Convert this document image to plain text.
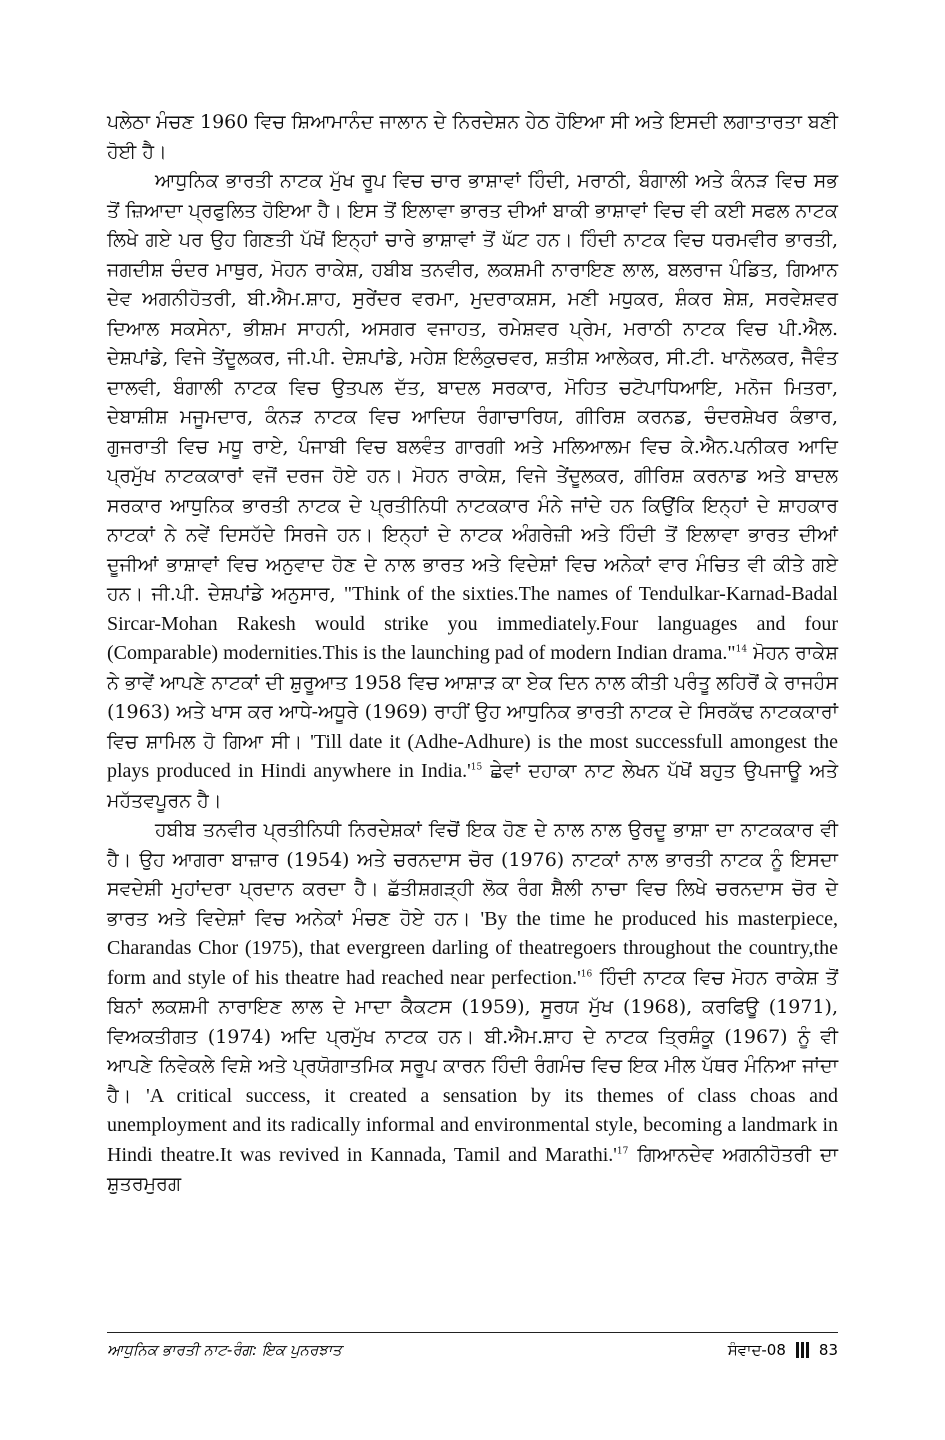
ਪਲੇਠਾ ਮੰਚਣ 1960 ਵਿਚ ਸ਼ਿਆਮਾਨੰਦ ਜਾਲਾਨ ਦੇ ਨਿਰਦੇਸ਼ਨ ਹੇਠ ਹੋਇਆ ਸੀ ਅਤੇ ਇਸਦੀ ਲਗਾਤਾਰਤਾ ਬਣੀ ਹੋਈ ਹੈ।

ਆਧੁਨਿਕ ਭਾਰਤੀ ਨਾਟਕ ਮੁੱਖ ਰੂਪ ਵਿਚ ਚਾਰ ਭਾਸ਼ਾਵਾਂ ਹਿੰਦੀ, ਮਰਾਠੀ, ਬੰਗਾਲੀ ਅਤੇ ਕੰਨੜ ਵਿਚ ਸਭ ਤੋਂ ਜ਼ਿਆਦਾ ਪ੍ਰਫੁਲਿਤ ਹੋਇਆ ਹੈ। ਇਸ ਤੋਂ ਇਲਾਵਾ ਭਾਰਤ ਦੀਆਂ ਬਾਕੀ ਭਾਸ਼ਾਵਾਂ ਵਿਚ ਵੀ ਕਈ ਸਫਲ ਨਾਟਕ ਲਿਖੇ ਗਏ ਪਰ ਉਹ ਗਿਣਤੀ ਪੱਖੋਂ ਇਨ੍ਹਾਂ ਚਾਰੇ ਭਾਸ਼ਾਵਾਂ ਤੋਂ ਘੱਟ ਹਨ। ਹਿੰਦੀ ਨਾਟਕ ਵਿਚ ਧਰਮਵੀਰ ਭਾਰਤੀ, ਜਗਦੀਸ਼ ਚੰਦਰ ਮਾਥੁਰ, ਮੋਹਨ ਰਾਕੇਸ਼, ਹਬੀਬ ਤਨਵੀਰ, ਲਕਸ਼ਮੀ ਨਾਰਾਇਣ ਲਾਲ, ਬਲਰਾਜ ਪੰਡਿਤ, ਗਿਆਨ ਦੇਵ ਅਗਨੀਹੋਤਰੀ, ਬੀ.ਐਮ.ਸ਼ਾਹ, ਸੁਰੇਂਦਰ ਵਰਮਾ, ਮੁਦਰਾਕਸ਼ਸ, ਮਣੀ ਮਧੁਕਰ, ਸ਼ੰਕਰ ਸ਼ੇਸ਼, ਸਰਵੇਸ਼ਵਰ ਦਿਆਲ ਸਕਸੇਨਾ, ਭੀਸ਼ਮ ਸਾਹਨੀ, ਅਸਗਰ ਵਜਾਹਤ, ਰਮੇਸ਼ਵਰ ਪ੍ਰੇਮ, ਮਰਾਠੀ ਨਾਟਕ ਵਿਚ ਪੀ.ਐਲ. ਦੇਸ਼ਪਾਂਡੇ, ਵਿਜੇ ਤੇਂਦੂਲਕਰ, ਜੀ.ਪੀ. ਦੇਸ਼ਪਾਂਡੇ, ਮਹੇਸ਼ ਇਲੰਕੁਚਵਰ, ਸ਼ਤੀਸ਼ ਆਲੇਕਰ, ਸੀ.ਟੀ. ਖਾਨੋਲਕਰ, ਜੈਵੰਤ ਦਾਲਵੀ, ਬੰਗਾਲੀ ਨਾਟਕ ਵਿਚ ਉਤਪਲ ਦੱਤ, ਬਾਦਲ ਸਰਕਾਰ, ਮੋਹਿਤ ਚਟੋਪਾਧਿਆਇ, ਮਨੋਜ ਮਿਤਰਾ, ਦੇਬਾਸ਼ੀਸ਼ ਮਜੂਮਦਾਰ, ਕੰਨੜ ਨਾਟਕ ਵਿਚ ਆਦਿਯ ਰੰਗਾਚਾਰਿਯ, ਗੀਰਿਸ਼ ਕਰਨਡ, ਚੰਦਰਸ਼ੇਖਰ ਕੰਭਾਰ, ਗੁਜਰਾਤੀ ਵਿਚ ਮਧੂ ਰਾਏ, ਪੰਜਾਬੀ ਵਿਚ ਬਲਵੰਤ ਗਾਰਗੀ ਅਤੇ ਮਲਿਆਲਮ ਵਿਚ ਕੇ.ਐਨ.ਪਨੀਕਰ ਆਦਿ ਪ੍ਰਮੁੱਖ ਨਾਟਕਕਾਰਾਂ ਵਜੋਂ ਦਰਜ ਹੋਏ ਹਨ। ਮੋਹਨ ਰਾਕੇਸ਼, ਵਿਜੇ ਤੇਂਦੂਲਕਰ, ਗੀਰਿਸ਼ ਕਰਨਾਡ ਅਤੇ ਬਾਦਲ ਸਰਕਾਰ ਆਧੁਨਿਕ ਭਾਰਤੀ ਨਾਟਕ ਦੇ ਪ੍ਰਤੀਨਿਧੀ ਨਾਟਕਕਾਰ ਮੰਨੇ ਜਾਂਦੇ ਹਨ ਕਿਉਂਕਿ ਇਨ੍ਹਾਂ ਦੇ ਸ਼ਾਹਕਾਰ ਨਾਟਕਾਂ ਨੇ ਨਵੇਂ ਦਿਸਹੱਦੇ ਸਿਰਜੇ ਹਨ। ਇਨ੍ਹਾਂ ਦੇ ਨਾਟਕ ਅੰਗਰੇਜ਼ੀ ਅਤੇ ਹਿੰਦੀ ਤੋਂ ਇਲਾਵਾ ਭਾਰਤ ਦੀਆਂ ਦੂਜੀਆਂ ਭਾਸ਼ਾਵਾਂ ਵਿਚ ਅਨੁਵਾਦ ਹੋਣ ਦੇ ਨਾਲ ਭਾਰਤ ਅਤੇ ਵਿਦੇਸ਼ਾਂ ਵਿਚ ਅਨੇਕਾਂ ਵਾਰ ਮੰਚਿਤ ਵੀ ਕੀਤੇ ਗਏ ਹਨ। ਜੀ.ਪੀ. ਦੇਸ਼ਪਾਂਡੇ ਅਨੁਸਾਰ, "Think of the sixties.The names of Tendulkar-Karnad-Badal Sircar-Mohan Rakesh would strike you immediately.Four languages and four (Comparable) modernities.This is the launching pad of modern Indian drama."$^{14}$ ਮੋਹਨ ਰਾਕੇਸ਼ ਨੇ ਭਾਵੇਂ ਆਪਣੇ ਨਾਟਕਾਂ ਦੀ ਸ਼ੁਰੂਆਤ 1958 ਵਿਚ ਆਸ਼ਾੜ ਕਾ ਏਕ ਦਿਨ ਨਾਲ ਕੀਤੀ ਪਰੰਤੂ ਲਹਿਰੋਂ ਕੇ ਰਾਜਹੰਸ (1963) ਅਤੇ ਖਾਸ ਕਰ ਆਧੇ-ਅਧੂਰੇ (1969) ਰਾਹੀਂ ਉਹ ਆਧੁਨਿਕ ਭਾਰਤੀ ਨਾਟਕ ਦੇ ਸਿਰਕੱਢ ਨਾਟਕਕਾਰਾਂ ਵਿਚ ਸ਼ਾਮਿਲ ਹੋ ਗਿਆ ਸੀ। 'Till date it (Adhe-Adhure) is the most successfull amongest the plays produced in Hindi anywhere in $India.'^{15}$ ਛੇਵਾਂ ਦਹਾਕਾ ਨਾਟ ਲੇਖਨ ਪੱਖੋਂ ਬਹੁਤ ਉਪਜਾਊ ਅਤੇ ਮਹੱਤਵਪੂਰਨ ਹੈ।

ਹਬੀਬ ਤਨਵੀਰ ਪ੍ਰਤੀਨਿਧੀ ਨਿਰਦੇਸ਼ਕਾਂ ਵਿਚੋਂ ਇਕ ਹੋਣ ਦੇ ਨਾਲ ਨਾਲ ਉਰਦੂ ਭਾਸ਼ਾ ਦਾ ਨਾਟਕਕਾਰ ਵੀ ਹੈ। ਉਹ ਆਗਰਾ ਬਾਜ਼ਾਰ (1954) ਅਤੇ ਚਰਨਦਾਸ ਚੋਰ (1976) ਨਾਟਕਾਂ ਨਾਲ ਭਾਰਤੀ ਨਾਟਕ ਨੂੰ ਇਸਦਾ ਸਵਦੇਸ਼ੀ ਮੁਹਾਂਦਰਾ ਪ੍ਰਦਾਨ ਕਰਦਾ ਹੈ। ਛੱਤੀਸ਼ਗੜ੍ਹੀ ਲੋਕ ਰੰਗ ਸ਼ੈਲੀ ਨਾਚਾ ਵਿਚ ਲਿਖੇ ਚਰਨਦਾਸ ਚੋਰ ਦੇ ਭਾਰਤ ਅਤੇ ਵਿਦੇਸ਼ਾਂ ਵਿਚ ਅਨੇਕਾਂ ਮੰਚਣ ਹੋਏ ਹਨ। 'By the time he produced his masterpiece, Charandas Chor (1975), that evergreen darling of theatregoers throughout the country,the form and style of his theatre had reached near $perfection.'^{16}$ ਹਿੰਦੀ ਨਾਟਕ ਵਿਚ ਮੋਹਨ ਰਾਕੇਸ਼ ਤੋਂ ਬਿਨਾਂ ਲਕਸ਼ਮੀ ਨਾਰਾਇਣ ਲਾਲ ਦੇ ਮਾਦਾ ਕੈਕਟਸ (1959), ਸੂਰਯ ਮੁੱਖ (1968), ਕਰਫਿਊ (1971), ਵਿਅਕਤੀਗਤ (1974) ਅਦਿ ਪ੍ਰਮੁੱਖ ਨਾਟਕ ਹਨ। ਬੀ.ਐਮ.ਸ਼ਾਹ ਦੇ ਨਾਟਕ ਤ੍ਰਿਸ਼ੰਕੂ (1967) ਨੂੰ ਵੀ ਆਪਣੇ ਨਿਵੇਕਲੇ ਵਿਸ਼ੇ ਅਤੇ ਪ੍ਰਯੋਗਾਤਮਿਕ ਸਰੂਪ ਕਾਰਨ ਹਿੰਦੀ ਰੰਗਮੰਚ ਵਿਚ ਇਕ ਮੀਲ ਪੱਥਰ ਮੰਨਿਆ ਜਾਂਦਾ ਹੈ। 'A critical success, it created a sensation by its themes of class choas and unemployment and its radically informal and environmental style, becoming a landmark in Hindi theatre.It was revived in Kannada, Tamil and $Marathi.'^{17}$ ਗਿਆਨਦੇਵ ਅਗਨੀਹੋਤਰੀ ਦਾ ਸ਼ੁਤਰਮੁਰਗ

ਆਧੁਨਿਕ ਭਾਰਤੀ ਨਾਟ-ਰੰਗ: ਇਕ ਪੁਨਰਝਾਤ	ਸੰਵਾਦ-08 83
